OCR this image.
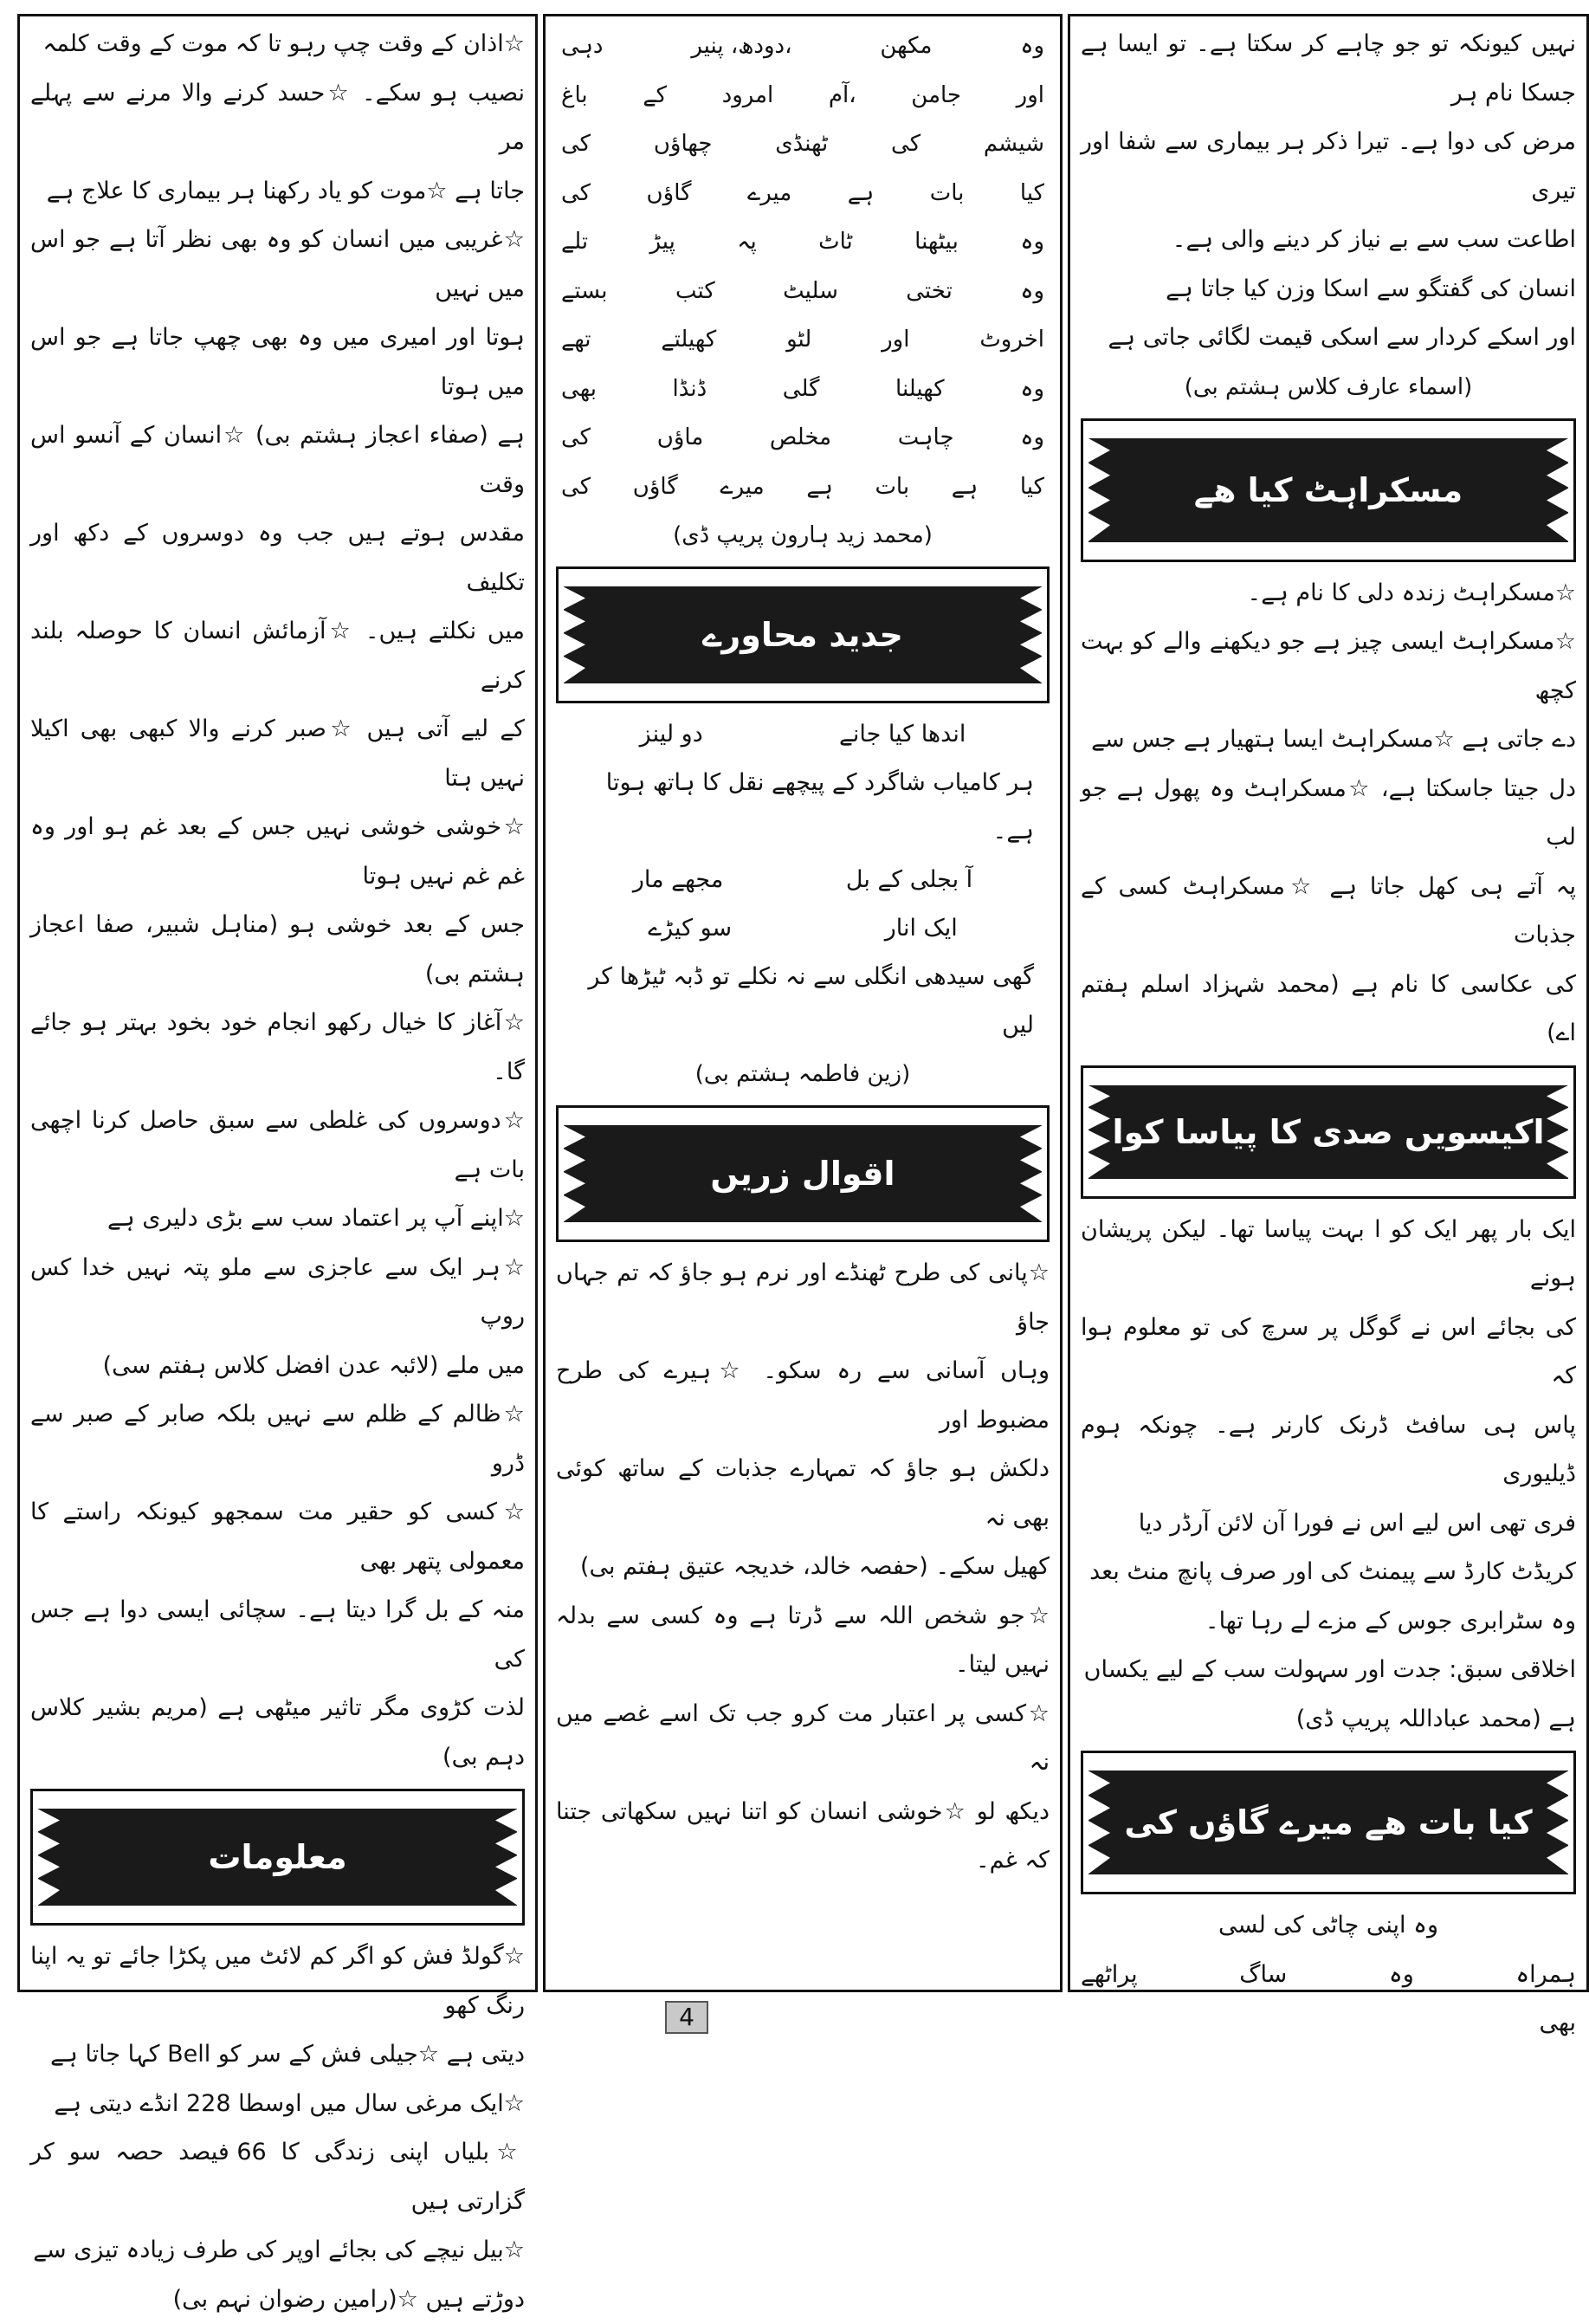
نہیں کیونکہ تو جو چاہے کر سکتا ہے۔ تو ایسا ہے جسکا نام ہر

مرض کی دوا ہے۔ تیرا ذکر ہر بیماری سے شفا اور تیری

اطاعت سب سے بے نیاز کر دینے والی ہے۔

انسان کی گفتگو سے اسکا وزن کیا جاتا ہے

اور اسکے کردار سے اسکی قیمت لگائی جاتی ہے

(اسماء عارف کلاس ہشتم بی)

مسکراہٹ کیا ھے

☆مسکراہٹ زندہ دلی کا نام ہے۔

☆مسکراہٹ ایسی چیز ہے جو دیکھنے والے کو بہت کچھ

دے جاتی ہے ☆مسکراہٹ ایسا ہتھیار ہے جس سے

دل جیتا جاسکتا ہے، ☆مسکراہٹ وہ پھول ہے جو لب

پہ آتے ہی کھل جاتا ہے ☆مسکراہٹ کسی کے جذبات

کی عکاسی کا نام ہے (محمد شہزاد اسلم ہفتم اے)

اکیسویں صدی کا پیاسا کوا

ایک بار پھر ایک کو ا بہت پیاسا تھا۔ لیکن پریشان ہونے

کی بجائے اس نے گوگل پر سرچ کی تو معلوم ہوا کہ

پاس ہی سافٹ ڈرنک کارنر ہے۔ چونکہ ہوم ڈیلیوری

فری تھی اس لیے اس نے فورا آن لائن آرڈر دیا

کریڈٹ کارڈ سے پیمنٹ کی اور صرف پانچ منٹ بعد

وہ سٹرابری جوس کے مزے لے رہا تھا۔

اخلاقی سبق: جدت اور سہولت سب کے لیے یکساں

ہے (محمد عباداللہ پریپ ڈی)

کیا بات ھے میرے گاؤں کی

وہ اپنی چاٹی کی لسی

ہمراہ وہ ساگ پراٹھے بھی

وہ
مکھن
،دودھ، پنیر
دہی
اور
جامن
،آم
امرود
کے
باغ
شیشم
کی
ٹھنڈی
چھاؤں
کی
کیا
بات
ہے
میرے
گاؤں
کی
وہ
بیٹھنا
ٹاٹ
پہ
پیڑ
تلے
وہ
تختی
سلیٹ
کتب
بستے
اخروٹ
اور
لٹو
کھیلتے
تھے
وہ
کھیلنا
گلی
ڈنڈا
بھی
وہ
چاہت
مخلص
ماؤں
کی
کیا
ہے
بات
ہے
میرے
گاؤں
کی

(محمد زید ہارون پریپ ڈی)

جدید محاورے
اندھا کیا جانے
دو لینز
ہر کامیاب شاگرد کے پیچھے نقل کا ہاتھ ہوتا ہے۔
آ بجلی کے بل
مجھے مار
ایک انار
سو کیڑے
گھی سیدھی انگلی سے نہ نکلے تو ڈبہ ٹیڑھا کر لیں

(زین فاطمہ ہشتم بی)

اقوال زریں

☆پانی کی طرح ٹھنڈے اور نرم ہو جاؤ کہ تم جہاں جاؤ

وہاں آسانی سے رہ سکو۔ ☆ہیرے کی طرح مضبوط اور

دلکش ہو جاؤ کہ تمہارے جذبات کے ساتھ کوئی بھی نہ

کھیل سکے۔ (حفصہ خالد، خدیجہ عتیق ہفتم بی)

☆جو شخص اللہ سے ڈرتا ہے وہ کسی سے بدلہ نہیں لیتا۔

☆کسی پر اعتبار مت کرو جب تک اسے غصے میں نہ

دیکھ لو ☆خوشی انسان کو اتنا نہیں سکھاتی جتنا کہ غم۔

☆اذان کے وقت چپ رہو تا کہ موت کے وقت کلمہ

نصیب ہو سکے۔ ☆حسد کرنے والا مرنے سے پہلے مر

جاتا ہے ☆موت کو یاد رکھنا ہر بیماری کا علاج ہے

☆غریبی میں انسان کو وہ بھی نظر آتا ہے جو اس میں نہیں

ہوتا اور امیری میں وہ بھی چھپ جاتا ہے جو اس میں ہوتا

ہے (صفاء اعجاز ہشتم بی) ☆انسان کے آنسو اس وقت

مقدس ہوتے ہیں جب وہ دوسروں کے دکھ اور تکلیف

میں نکلتے ہیں۔ ☆آزمائش انسان کا حوصلہ بلند کرنے

کے لیے آتی ہیں ☆صبر کرنے والا کبھی بھی اکیلا نہیں ہتا

☆خوشی خوشی نہیں جس کے بعد غم ہو اور وہ غم غم نہیں ہوتا

جس کے بعد خوشی ہو (مناہل شبیر، صفا اعجاز ہشتم بی)

☆آغاز کا خیال رکھو انجام خود بخود بہتر ہو جائے گا۔

☆دوسروں کی غلطی سے سبق حاصل کرنا اچھی بات ہے

☆اپنے آپ پر اعتماد سب سے بڑی دلیری ہے

☆ہر ایک سے عاجزی سے ملو پتہ نہیں خدا کس روپ

میں ملے (لائبہ عدن افضل کلاس ہفتم سی)

☆ظالم کے ظلم سے نہیں بلکہ صابر کے صبر سے ڈرو

☆کسی کو حقیر مت سمجھو کیونکہ راستے کا معمولی پتھر بھی

منہ کے بل گرا دیتا ہے۔ سچائی ایسی دوا ہے جس کی

لذت کڑوی مگر تاثیر میٹھی ہے (مریم بشیر کلاس دہم بی)

معلومات

☆گولڈ فش کو اگر کم لائٹ میں پکڑا جائے تو یہ اپنا رنگ کھو

دیتی ہے ☆جیلی فش کے سر کو Bell کہا جاتا ہے

☆ایک مرغی سال میں اوسطا 228 انڈے دیتی ہے

☆بلیاں اپنی زندگی کا 66 فیصد حصہ سو کر گزارتی ہیں

☆بیل نیچے کی بجائے اوپر کی طرف زیادہ تیزی سے

دوڑتے ہیں ☆(رامین رضوان نہم بی)

4
